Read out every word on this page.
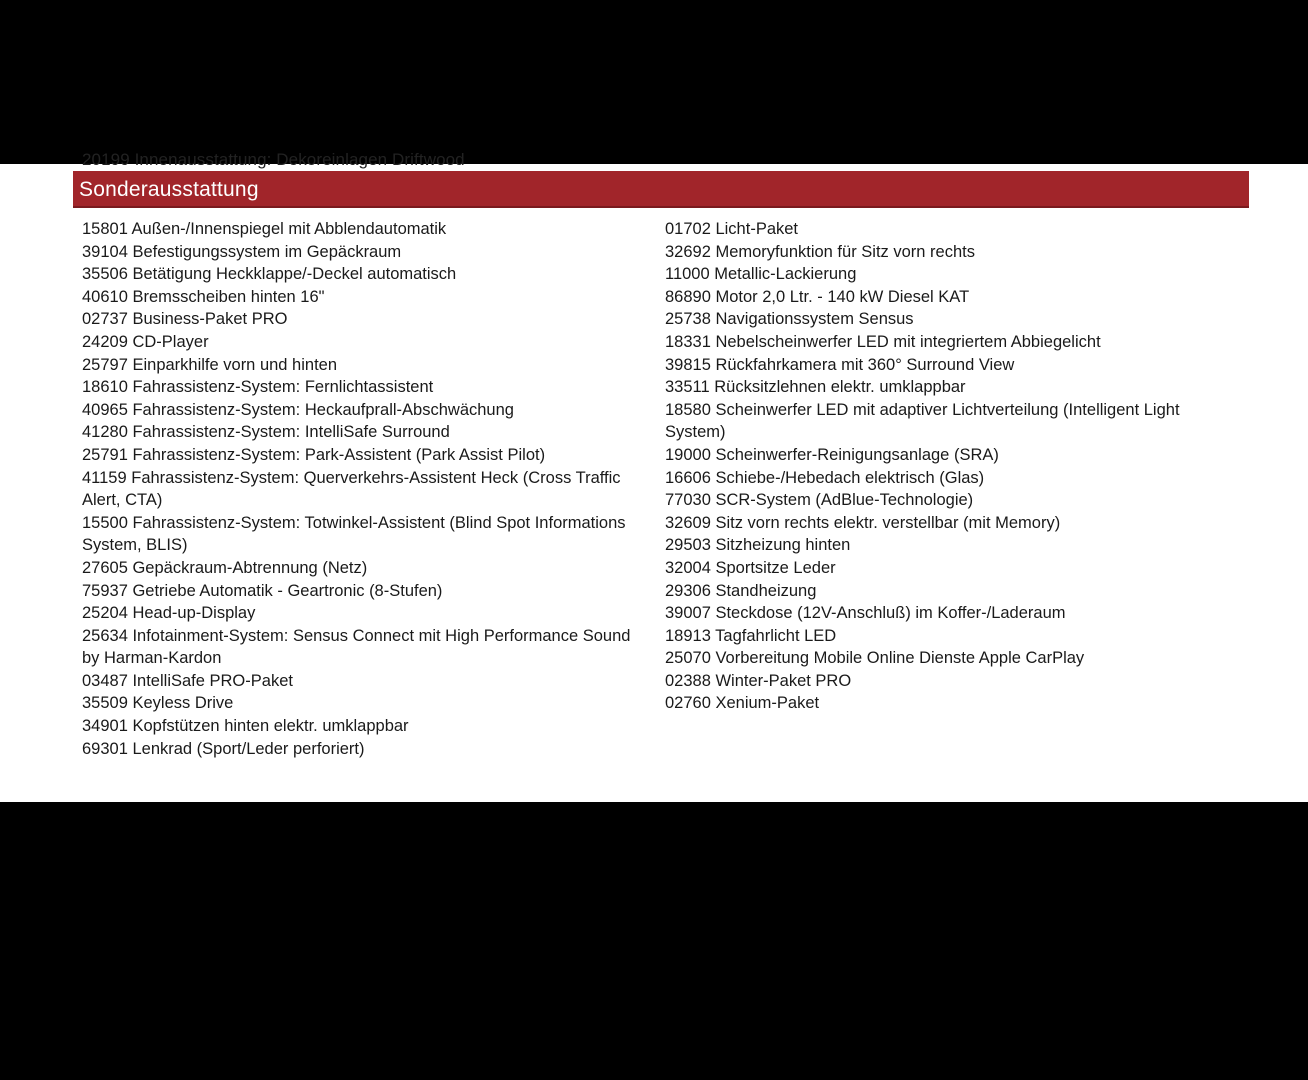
20199 Innenausstattung: Dekoreinlagen Driftwood
Sonderausstattung
15801 Außen-/Innenspiegel mit Abblendautomatik
39104 Befestigungssystem im Gepäckraum
35506 Betätigung Heckklappe/-Deckel automatisch
40610 Bremsscheiben hinten 16"
02737 Business-Paket PRO
24209 CD-Player
25797 Einparkhilfe vorn und hinten
18610 Fahrassistenz-System: Fernlichtassistent
40965 Fahrassistenz-System: Heckaufprall-Abschwächung
41280 Fahrassistenz-System: IntelliSafe Surround
25791 Fahrassistenz-System: Park-Assistent (Park Assist Pilot)
41159 Fahrassistenz-System: Querverkehrs-Assistent Heck (Cross Traffic Alert, CTA)
15500 Fahrassistenz-System: Totwinkel-Assistent (Blind Spot Informations System, BLIS)
27605 Gepäckraum-Abtrennung (Netz)
75937 Getriebe Automatik - Geartronic (8-Stufen)
25204 Head-up-Display
25634 Infotainment-System: Sensus Connect mit High Performance Sound by Harman-Kardon
03487 IntelliSafe PRO-Paket
35509 Keyless Drive
34901 Kopfstützen hinten elektr. umklappbar
69301 Lenkrad (Sport/Leder perforiert)
01702 Licht-Paket
32692 Memoryfunktion für Sitz vorn rechts
11000 Metallic-Lackierung
86890 Motor 2,0 Ltr. - 140 kW Diesel KAT
25738 Navigationssystem Sensus
18331 Nebelscheinwerfer LED mit integriertem Abbiegelicht
39815 Rückfahrkamera mit 360° Surround View
33511 Rücksitzlehnen elektr. umklappbar
18580 Scheinwerfer LED mit adaptiver Lichtverteilung (Intelligent Light System)
19000 Scheinwerfer-Reinigungsanlage (SRA)
16606 Schiebe-/Hebedach elektrisch (Glas)
77030 SCR-System (AdBlue-Technologie)
32609 Sitz vorn rechts elektr. verstellbar (mit Memory)
29503 Sitzheizung hinten
32004 Sportsitze Leder
29306 Standheizung
39007 Steckdose (12V-Anschluß) im Koffer-/Laderaum
18913 Tagfahrlicht LED
25070 Vorbereitung Mobile Online Dienste Apple CarPlay
02388 Winter-Paket PRO
02760 Xenium-Paket
